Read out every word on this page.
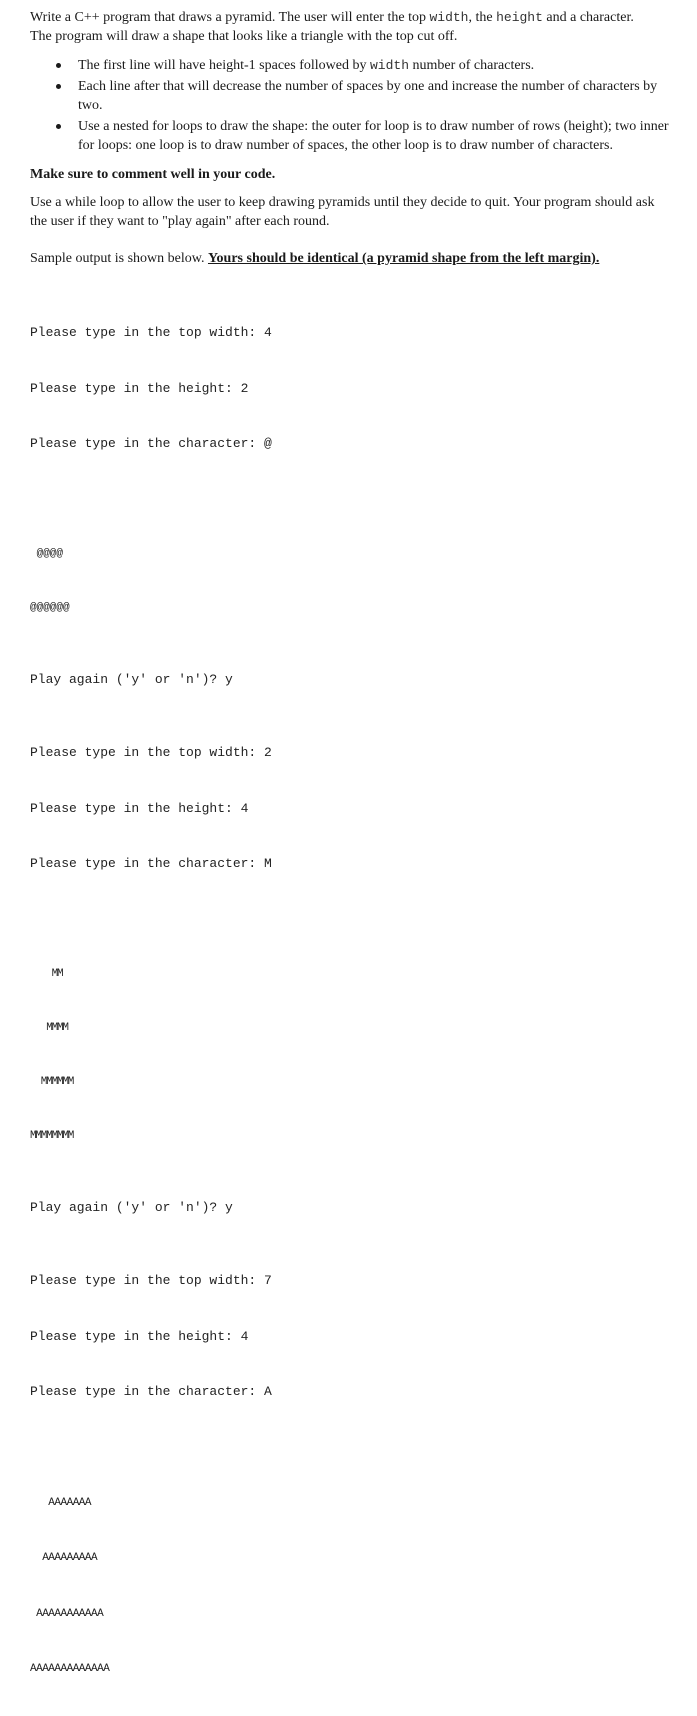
Write a C++ program that draws a pyramid. The user will enter the top width, the height and a character.
The program will draw a shape that looks like a triangle with the top cut off.

The first line will have height-1 spaces followed by width number of characters.
Each line after that will decrease the number of spaces by one and increase the number of characters by two.
Use a nested for loops to draw the shape: the outer for loop is to draw number of rows (height); two inner for loops: one loop is to draw number of spaces, the other loop is to draw number of characters.

Make sure to comment well in your code.

Use a while loop to allow the user to keep drawing pyramids until they decide to quit. Your program should ask the user if they want to "play again" after each round.

Sample output is shown below. Yours should be identical (a pyramid shape from the left margin).

Please type in the top width: 4

Please type in the height: 2

Please type in the character: @

@@@@

@@@@@@

Play again ('y' or 'n')? y

Please type in the top width: 2

Please type in the height: 4

Please type in the character: M

MM

MMMM

MMMMMM

MMMMMMMM

Play again ('y' or 'n')? y

Please type in the top width: 7

Please type in the height: 4

Please type in the character: A

AAAAAAA

AAAAAAAAA

AAAAAAAAAAA

AAAAAAAAAAAAA
